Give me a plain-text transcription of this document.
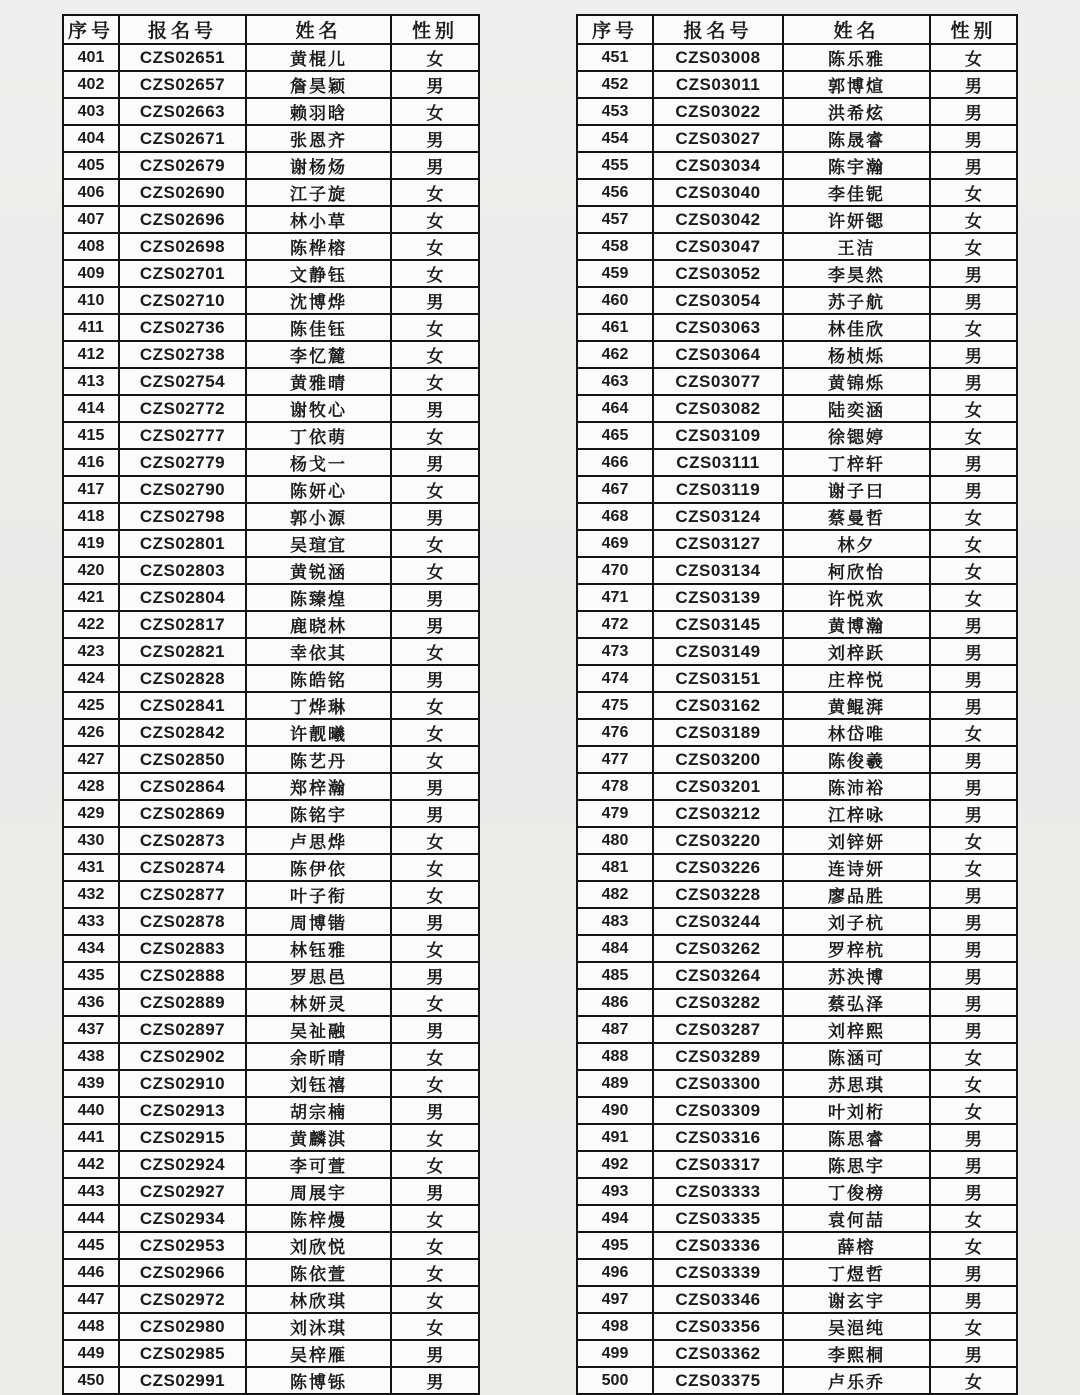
序号	报名号	姓名	性别
401	CZS02651	黄棍儿	女
402	CZS02657	詹昊颖	男
403	CZS02663	赖羽晗	女
404	CZS02671	张恩齐	男
405	CZS02679	谢杨炀	男
406	CZS02690	江子旋	女
407	CZS02696	林小草	女
408	CZS02698	陈桦榕	女
409	CZS02701	文静钰	女
410	CZS02710	沈博烨	男
411	CZS02736	陈佳钰	女
412	CZS02738	李忆麓	女
413	CZS02754	黄雅晴	女
414	CZS02772	谢牧心	男
415	CZS02777	丁依萌	女
416	CZS02779	杨戈一	男
417	CZS02790	陈妍心	女
418	CZS02798	郭小源	男
419	CZS02801	吴瑄宜	女
420	CZS02803	黄锐涵	女
421	CZS02804	陈臻煌	男
422	CZS02817	鹿晓林	男
423	CZS02821	幸依其	女
424	CZS02828	陈皓铭	男
425	CZS02841	丁烨琳	女
426	CZS02842	许靓曦	女
427	CZS02850	陈艺丹	女
428	CZS02864	郑梓瀚	男
429	CZS02869	陈铭宇	男
430	CZS02873	卢思烨	女
431	CZS02874	陈伊依	女
432	CZS02877	叶子衔	女
433	CZS02878	周博锴	男
434	CZS02883	林钰雅	女
435	CZS02888	罗思邑	男
436	CZS02889	林妍灵	女
437	CZS02897	吴祉融	男
438	CZS02902	余昕晴	女
439	CZS02910	刘钰禧	女
440	CZS02913	胡宗楠	男
441	CZS02915	黄麟淇	女
442	CZS02924	李可萱	女
443	CZS02927	周展宇	男
444	CZS02934	陈梓熳	女
445	CZS02953	刘欣悦	女
446	CZS02966	陈依萱	女
447	CZS02972	林欣琪	女
448	CZS02980	刘沐琪	女
449	CZS02985	吴梓雁	男
450	CZS02991	陈博铄	男
序号	报名号	姓名	性别
451	CZS03008	陈乐雅	女
452	CZS03011	郭博煊	男
453	CZS03022	洪希炫	男
454	CZS03027	陈晟睿	男
455	CZS03034	陈宇瀚	男
456	CZS03040	李佳铌	女
457	CZS03042	许妍锶	女
458	CZS03047	王洁	女
459	CZS03052	李昊然	男
460	CZS03054	苏子航	男
461	CZS03063	林佳欣	女
462	CZS03064	杨桢烁	男
463	CZS03077	黄锦烁	男
464	CZS03082	陆奕涵	女
465	CZS03109	徐锶婷	女
466	CZS03111	丁梓轩	男
467	CZS03119	谢子曰	男
468	CZS03124	蔡曼哲	女
469	CZS03127	林夕	女
470	CZS03134	柯欣怡	女
471	CZS03139	许悦欢	女
472	CZS03145	黄博瀚	男
473	CZS03149	刘梓跃	男
474	CZS03151	庄梓悦	男
475	CZS03162	黄鲲湃	男
476	CZS03189	林岱唯	女
477	CZS03200	陈俊羲	男
478	CZS03201	陈沛裕	男
479	CZS03212	江梓咏	男
480	CZS03220	刘锌妍	女
481	CZS03226	连诗妍	女
482	CZS03228	廖品胜	男
483	CZS03244	刘子杭	男
484	CZS03262	罗梓杭	男
485	CZS03264	苏泱博	男
486	CZS03282	蔡弘泽	男
487	CZS03287	刘梓熙	男
488	CZS03289	陈涵可	女
489	CZS03300	苏思琪	女
490	CZS03309	叶刘桁	女
491	CZS03316	陈思睿	男
492	CZS03317	陈思宇	男
493	CZS03333	丁俊榜	男
494	CZS03335	袁何喆	女
495	CZS03336	薛榕	女
496	CZS03339	丁煜哲	男
497	CZS03346	谢玄宇	男
498	CZS03356	吴浥纯	女
499	CZS03362	李熙桐	男
500	CZS03375	卢乐乔	女
